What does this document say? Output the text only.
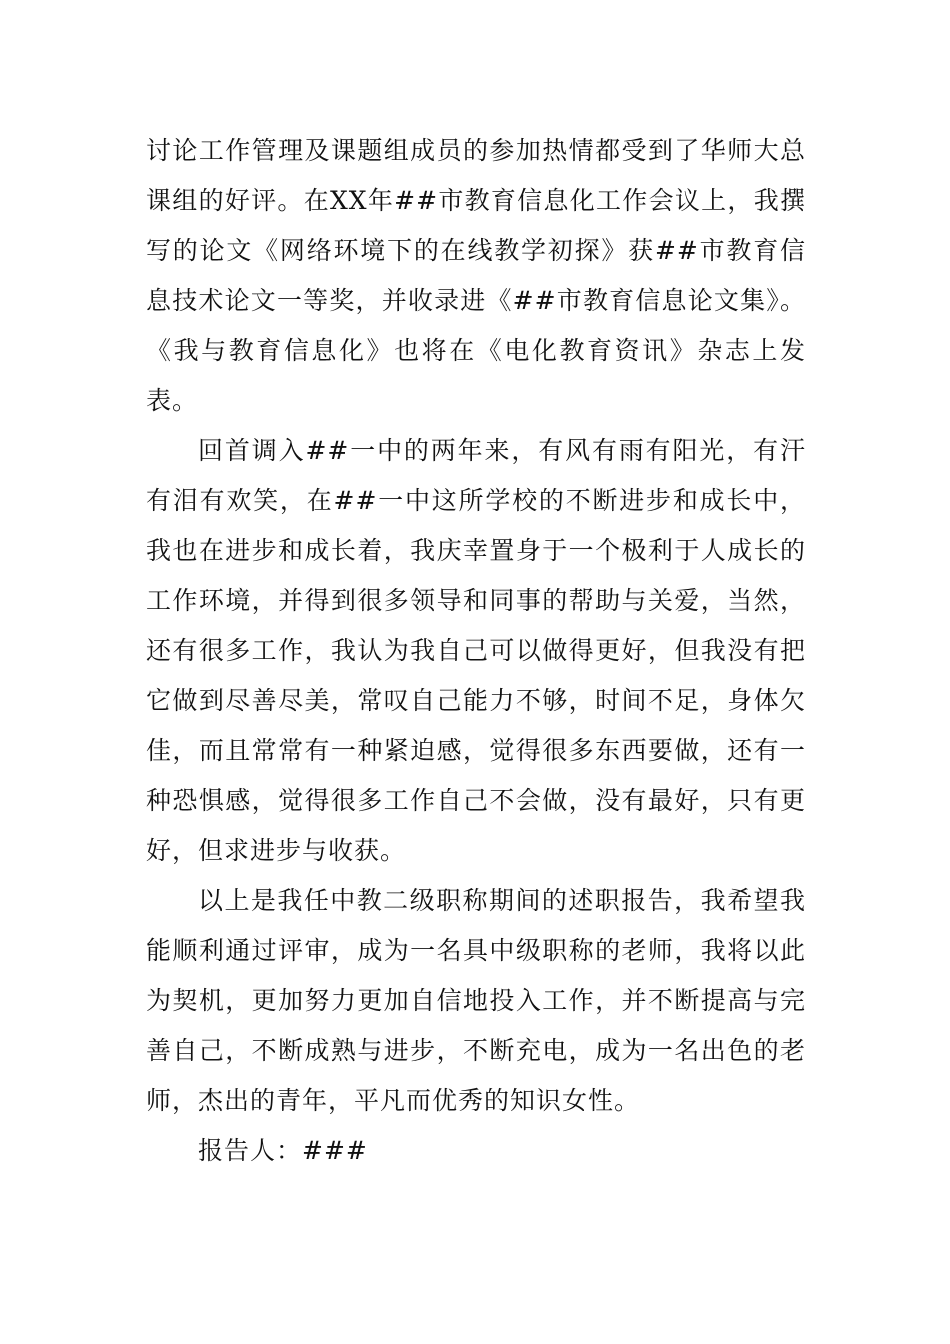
讨论工作管理及课题组成员的参加热情都受到了华师大总课组的好评。在XX年##市教育信息化工作会议上，我撰写的论文《网络环境下的在线教学初探》获##市教育信息技术论文一等奖，并收录进《##市教育信息论文集》。《我与教育信息化》也将在《电化教育资讯》杂志上发表。

回首调入##一中的两年来，有风有雨有阳光，有汗有泪有欢笑，在##一中这所学校的不断进步和成长中，我也在进步和成长着，我庆幸置身于一个极利于人成长的工作环境，并得到很多领导和同事的帮助与关爱，当然，还有很多工作，我认为我自己可以做得更好，但我没有把它做到尽善尽美，常叹自己能力不够，时间不足，身体欠佳，而且常常有一种紧迫感，觉得很多东西要做，还有一种恐惧感，觉得很多工作自己不会做，没有最好，只有更好，但求进步与收获。

以上是我任中教二级职称期间的述职报告，我希望我能顺利通过评审，成为一名具中级职称的老师，我将以此为契机，更加努力更加自信地投入工作，并不断提高与完善自己，不断成熟与进步，不断充电，成为一名出色的老师，杰出的青年，平凡而优秀的知识女性。

报告人：###
